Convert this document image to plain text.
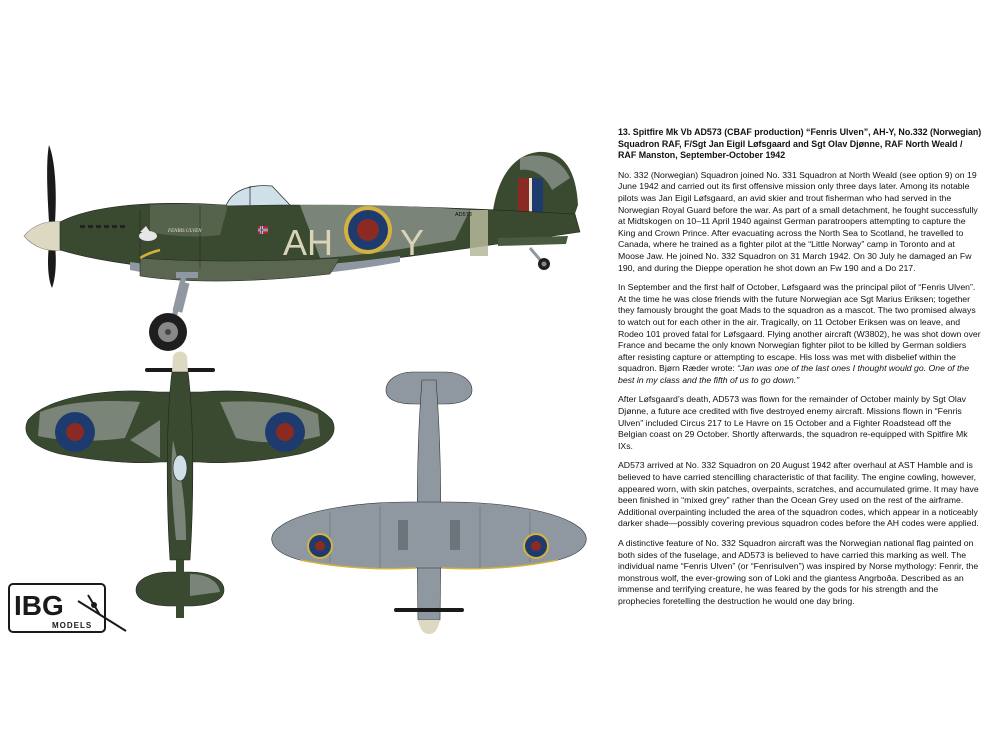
AH Y
AD573
FENRIS ULVEN

13. Spitfire Mk Vb AD573 (CBAF production) “Fenris Ulven”, AH-Y, No.332 (Norwegian) Squadron RAF, F/Sgt Jan Eigil Løfsgaard and Sgt Olav Djønne, RAF North Weald / RAF Manston, September-October 1942

No. 332 (Norwegian) Squadron joined No. 331 Squadron at North Weald (see option 9) on 19 June 1942 and carried out its first offensive mission only three days later. Among its notable pilots was Jan Eigil Løfsgaard, an avid skier and trout fisherman who had served in the Norwegian Royal Guard before the war. As part of a small detachment, he fought successfully at Midtskogen on 10–11 April 1940 against German paratroopers attempting to capture the King and Crown Prince. After evacuating across the North Sea to Scotland, he travelled to Canada, where he trained as a fighter pilot at the “Little Norway” camp in Toronto and at Moose Jaw. He joined No. 332 Squadron on 31 March 1942. On 30 July he damaged an Fw 190, and during the Dieppe operation he shot down an Fw 190 and a Do 217.

In September and the first half of October, Løfsgaard was the principal pilot of “Fenris Ulven”. At the time he was close friends with the future Norwegian ace Sgt Marius Eriksen; together they famously brought the goat Mads to the squadron as a mascot. The two promised always to watch out for each other in the air. Tragically, on 11 October Eriksen was on leave, and Rodeo 101 proved fatal for Løfsgaard. Flying another aircraft (W3802), he was shot down over France and became the only known Norwegian fighter pilot to be killed by German soldiers after resisting capture or attempting to escape. His loss was met with disbelief within the squadron. Bjørn Ræder wrote: “Jan was one of the last ones I thought would go. One of the best in my class and the fifth of us to go down.”

After Løfsgaard’s death, AD573 was flown for the remainder of October mainly by Sgt Olav Djønne, a future ace credited with five destroyed enemy aircraft. Missions flown in “Fenris Ulven” included Circus 217 to Le Havre on 15 October and a Fighter Roadstead off the Belgian coast on 29 October. Shortly afterwards, the squadron re-equipped with Spitfire Mk IXs.

AD573 arrived at No. 332 Squadron on 20 August 1942 after overhaul at AST Hamble and is believed to have carried stencilling characteristic of that facility. The engine cowling, however, appeared worn, with skin patches, overpaints, scratches, and accumulated grime. It may have been finished in “mixed grey” rather than the Ocean Grey used on the rest of the airframe. Additional overpainting included the area of the squadron codes, which appear in a noticeably darker shade—possibly covering previous squadron codes before the AH codes were applied.

A distinctive feature of No. 332 Squadron aircraft was the Norwegian national flag painted on both sides of the fuselage, and AD573 is believed to have carried this marking as well. The individual name “Fenris Ulven” (or “Fenrisulven”) was inspired by Norse mythology: Fenrir, the monstrous wolf, the ever-growing son of Loki and the giantess Angrboða. Described as an immense and terrifying creature, he was feared by the gods for his strength and the prophecies foretelling the destruction he would one day bring.

IBG
MODELS
